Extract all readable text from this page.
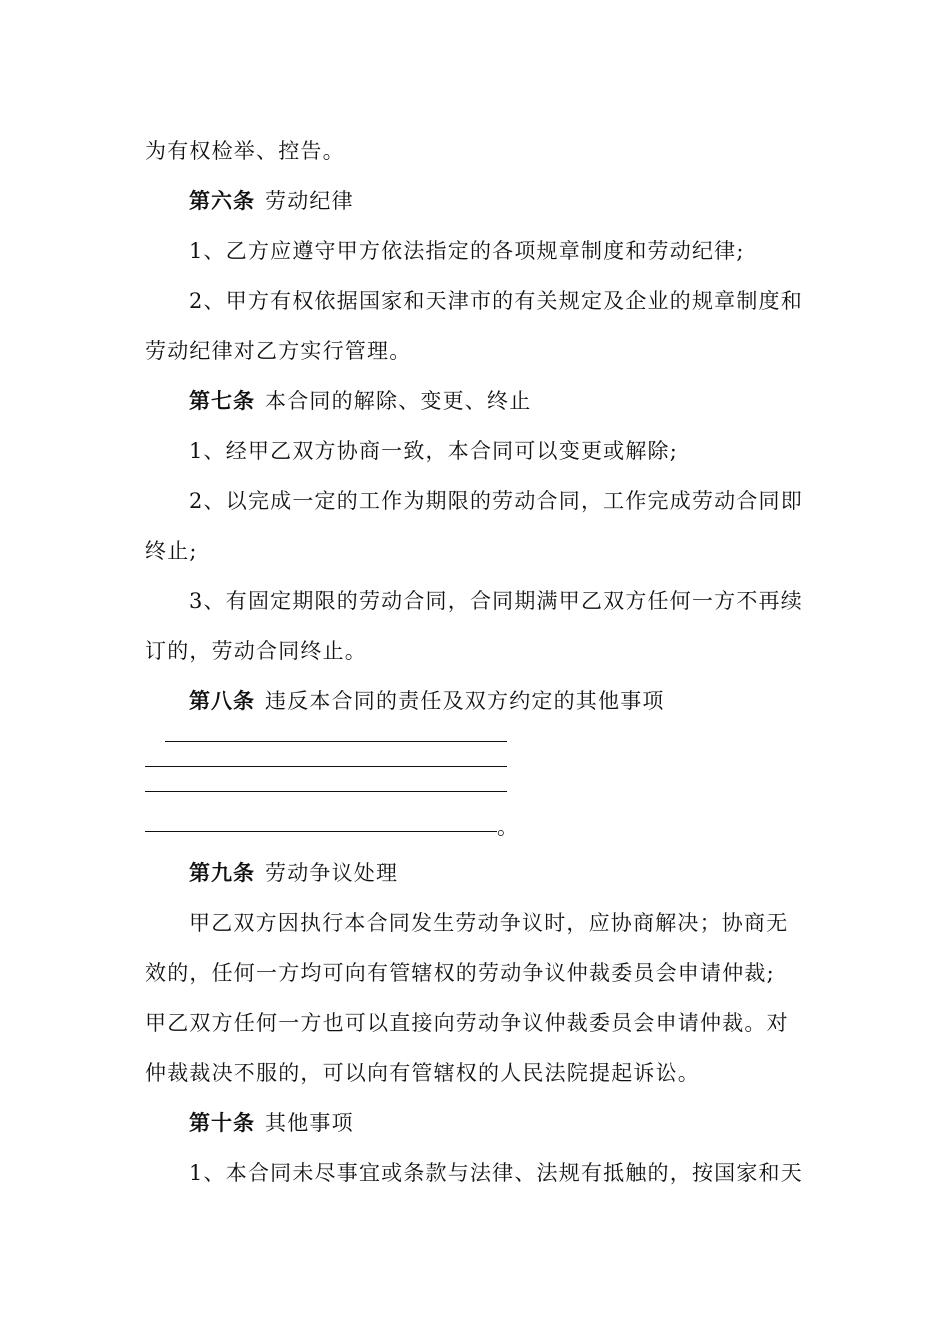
为有权检举、控告。
第六条 劳动纪律
1、乙方应遵守甲方依法指定的各项规章制度和劳动纪律;
2、甲方有权依据国家和天津市的有关规定及企业的规章制度和
劳动纪律对乙方实行管理。
第七条 本合同的解除、变更、终止
1、经甲乙双方协商一致，本合同可以变更或解除;
2、以完成一定的工作为期限的劳动合同，工作完成劳动合同即
终止;
3、有固定期限的劳动合同，合同期满甲乙双方任何一方不再续
订的，劳动合同终止。
第八条 违反本合同的责任及双方约定的其他事项
。
第九条 劳动争议处理
甲乙双方因执行本合同发生劳动争议时，应协商解决；协商无
效的，任何一方均可向有管辖权的劳动争议仲裁委员会申请仲裁;
甲乙双方任何一方也可以直接向劳动争议仲裁委员会申请仲裁。对
仲裁裁决不服的，可以向有管辖权的人民法院提起诉讼。
第十条 其他事项
1、本合同未尽事宜或条款与法律、法规有抵触的，按国家和天
